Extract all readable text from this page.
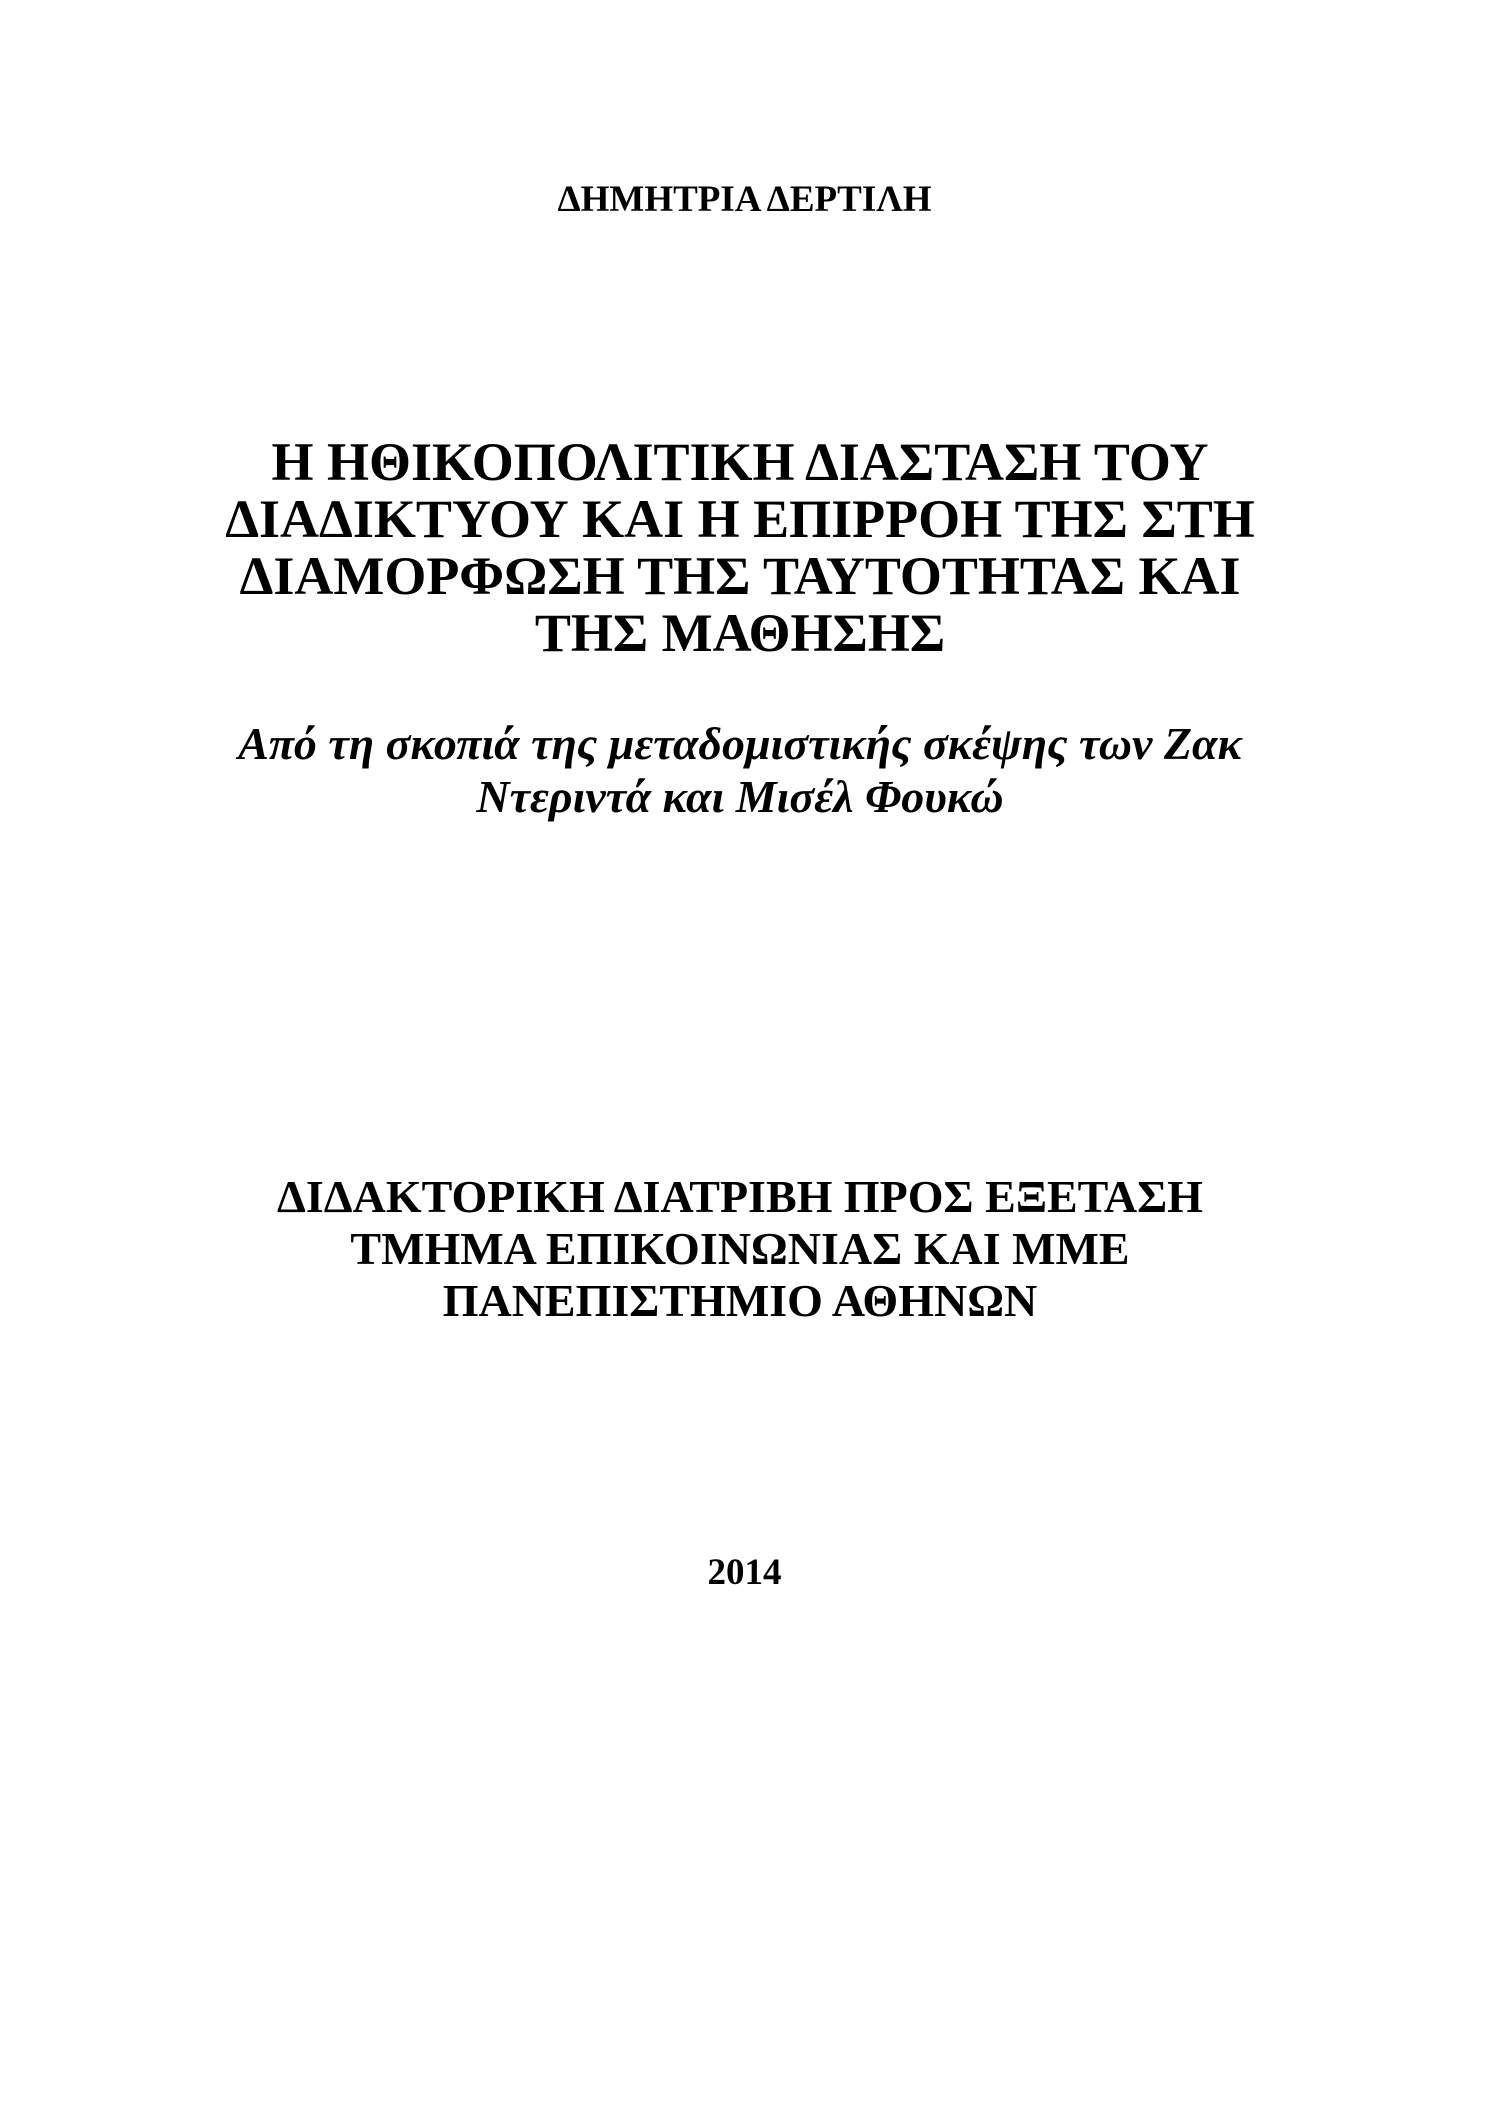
ΔΗΜΗΤΡΙΑ ΔΕΡΤΙΛΗ
Η ΗΘΙΚΟΠΟΛΙΤΙΚΗ ΔΙΑΣΤΑΣΗ ΤΟΥ
ΔΙΑΔΙΚΤΥΟΥ ΚΑΙ Η ΕΠΙΡΡΟΗ ΤΗΣ ΣΤΗ
ΔΙΑΜΟΡΦΩΣΗ ΤΗΣ ΤΑΥΤΟΤΗΤΑΣ ΚΑΙ
ΤΗΣ ΜΑΘΗΣΗΣ
Από τη σκοπιά της μεταδομιστικής σκέψης των Ζακ
Ντεριντά και Μισέλ Φουκώ
ΔΙΔΑΚΤΟΡΙΚΗ ΔΙΑΤΡΙΒΗ ΠΡΟΣ ΕΞΕΤΑΣΗ
ΤΜΗΜΑ ΕΠΙΚΟΙΝΩΝΙΑΣ ΚΑΙ ΜΜΕ
ΠΑΝΕΠΙΣΤΗΜΙΟ ΑΘΗΝΩΝ
2014
